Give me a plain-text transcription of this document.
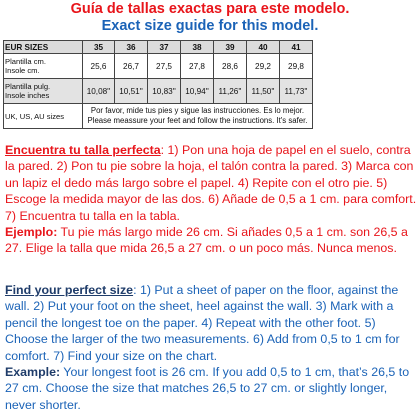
Guía de tallas exactas para este modelo.
Exact size guide for this model.
EUR SIZES	35	36	37	38	39	40	41
Plantilla cm.
Insole cm.	25,6	26,7	27,5	27,8	28,6	29,2	29,8
Plantilla pulg.
Insole inches	10,08''	10,51''	10,83''	10,94''	11,26''	11,50''	11,73''
UK, US, AU sizes	Por favor, mide tus pies y sigue las instrucciones. Es lo mejor.
Please meassure your feet and follow the instructions. It's safer.						
Encuentra tu talla perfecta: 1) Pon una hoja de papel en el suelo, contra la pared. 2) Pon tu pie sobre la hoja, el talón contra la pared. 3) Marca con un lapiz el dedo más largo sobre el papel. 4) Repite con el otro pie. 5) Escoge la medida mayor de las dos. 6) Añade de 0,5 a 1 cm. para comfort. 7) Encuentra tu talla en la tabla.
Ejemplo: Tu pie más largo mide 26 cm. Si añades 0,5 a 1 cm. son 26,5 a 27. Elige la talla que mida 26,5 a 27 cm. o un poco más. Nunca menos.
Find your perfect size: 1) Put a sheet of paper on the floor, against the wall. 2) Put your foot on the sheet, heel against the wall. 3) Mark with a pencil the longest toe on the paper. 4) Repeat with the other foot. 5) Choose the larger of the two measurements. 6) Add from 0,5 to 1 cm for comfort. 7) Find your size on the chart.
Example: Your longest foot is 26 cm. If you add 0,5 to 1 cm, that’s 26,5 to 27 cm. Choose the size that matches 26,5 to 27 cm. or slightly longer, never shorter.
